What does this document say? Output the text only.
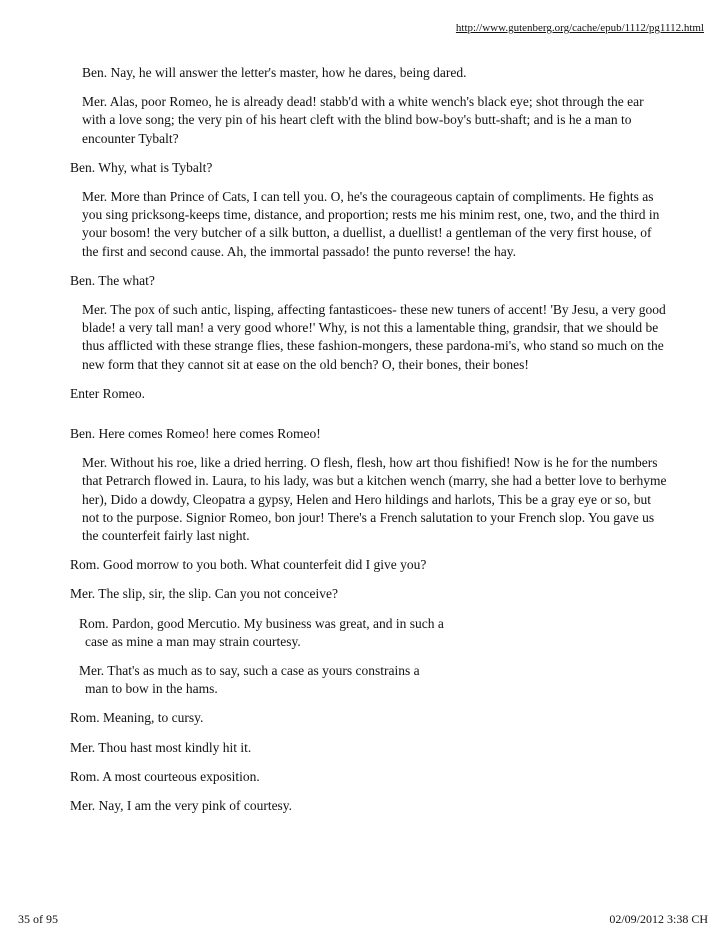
http://www.gutenberg.org/cache/epub/1112/pg1112.html

Ben. Nay, he will answer the letter's master, how he dares, being dared.

Mer. Alas, poor Romeo, he is already dead! stabb'd with a white wench's black eye; shot through the ear with a love song; the very pin of his heart cleft with the blind bow-boy's butt-shaft; and is he a man to encounter Tybalt?

Ben. Why, what is Tybalt?

Mer. More than Prince of Cats, I can tell you. O, he's the courageous captain of compliments. He fights as you sing pricksong-keeps time, distance, and proportion; rests me his minim rest, one, two, and the third in your bosom! the very butcher of a silk button, a duellist, a duellist! a gentleman of the very first house, of the first and second cause. Ah, the immortal passado! the punto reverse! the hay.

Ben. The what?

Mer. The pox of such antic, lisping, affecting fantasticoes- these new tuners of accent! 'By Jesu, a very good blade! a very tall man! a very good whore!' Why, is not this a lamentable thing, grandsir, that we should be thus afflicted with these strange flies, these fashion-mongers, these pardona-mi's, who stand so much on the new form that they cannot sit at ease on the old bench? O, their bones, their bones!

Enter Romeo.

Ben. Here comes Romeo! here comes Romeo!

Mer. Without his roe, like a dried herring. O flesh, flesh, how art thou fishified! Now is he for the numbers that Petrarch flowed in. Laura, to his lady, was but a kitchen wench (marry, she had a better love to berhyme her), Dido a dowdy, Cleopatra a gypsy, Helen and Hero hildings and harlots, This be a gray eye or so, but not to the purpose. Signior Romeo, bon jour! There's a French salutation to your French slop. You gave us the counterfeit fairly last night.

Rom. Good morrow to you both. What counterfeit did I give you?

Mer. The slip, sir, the slip. Can you not conceive?

Rom. Pardon, good Mercutio. My business was great, and in such a
case as mine a man may strain courtesy.

Mer. That's as much as to say, such a case as yours constrains a
man to bow in the hams.

Rom. Meaning, to cursy.

Mer. Thou hast most kindly hit it.

Rom. A most courteous exposition.

Mer. Nay, I am the very pink of courtesy.

35 of 95	02/09/2012 3:38 CH
